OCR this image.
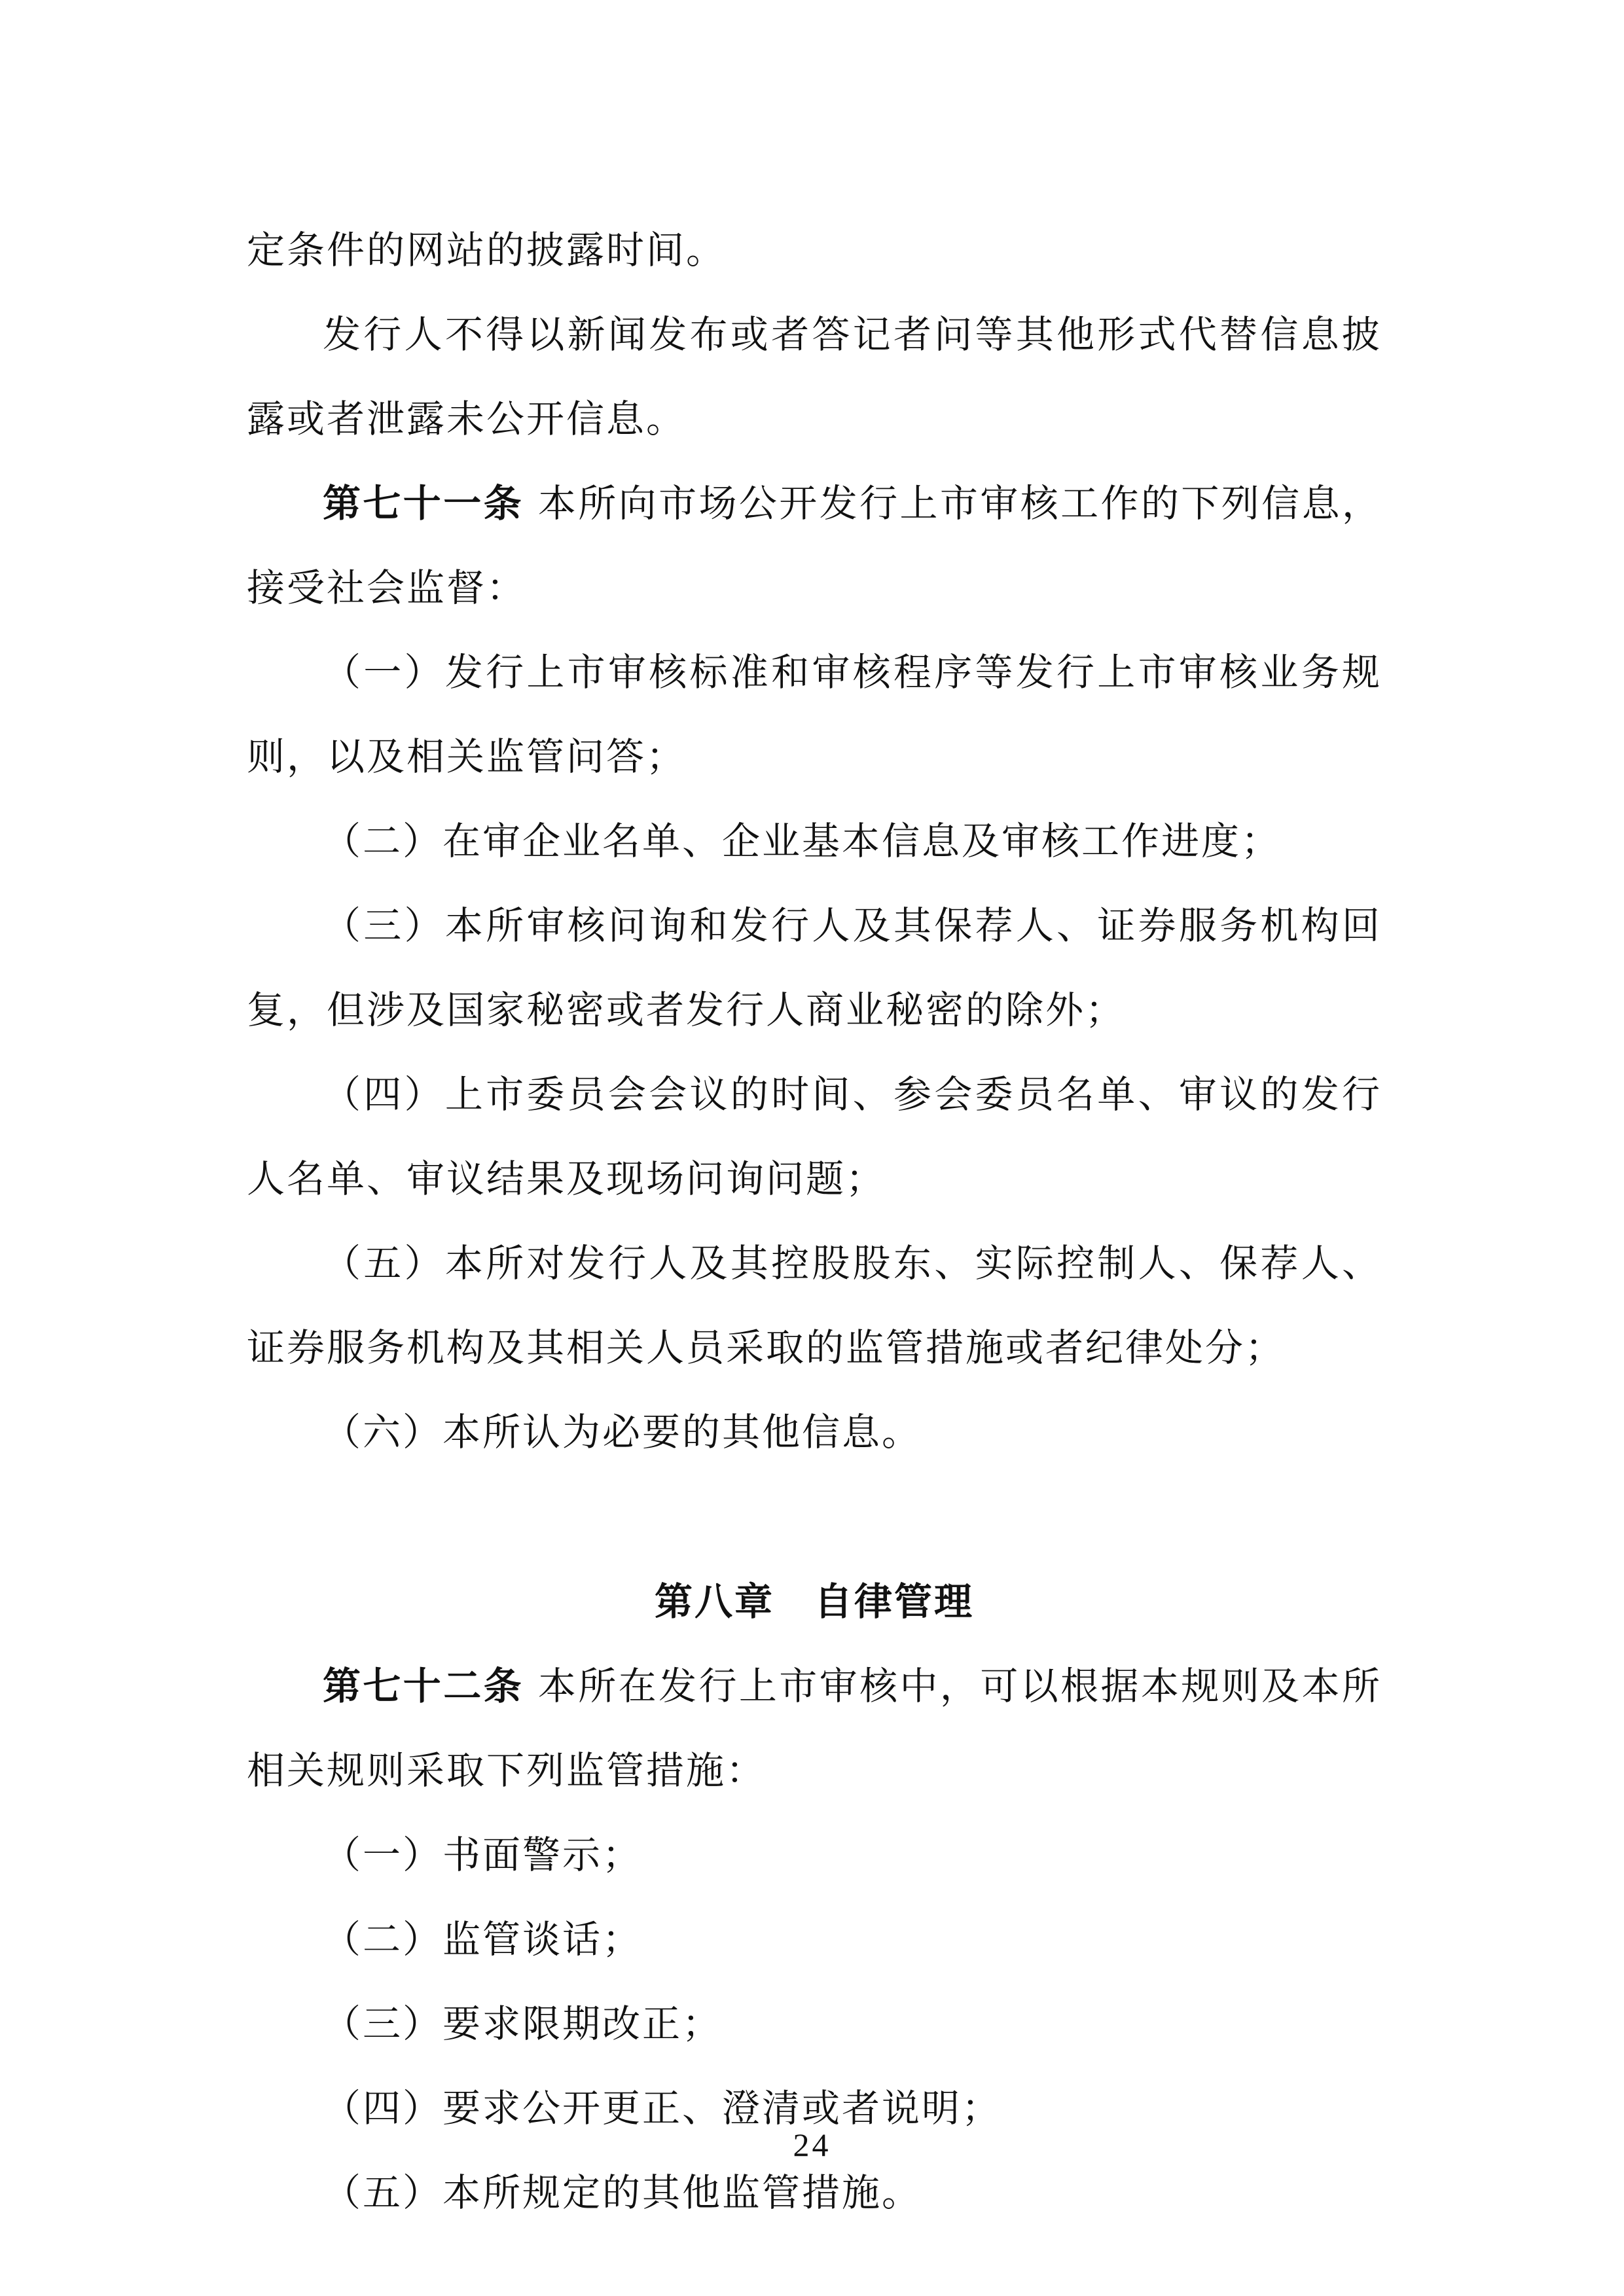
定条件的网站的披露时间。

发行人不得以新闻发布或者答记者问等其他形式代替信息披露或者泄露未公开信息。

第七十一条 本所向市场公开发行上市审核工作的下列信息，接受社会监督：

（一）发行上市审核标准和审核程序等发行上市审核业务规则，以及相关监管问答；

（二）在审企业名单、企业基本信息及审核工作进度；

（三）本所审核问询和发行人及其保荐人、证券服务机构回复，但涉及国家秘密或者发行人商业秘密的除外；

（四）上市委员会会议的时间、参会委员名单、审议的发行人名单、审议结果及现场问询问题；

（五）本所对发行人及其控股股东、实际控制人、保荐人、证券服务机构及其相关人员采取的监管措施或者纪律处分；

（六）本所认为必要的其他信息。

第八章　自律管理

第七十二条 本所在发行上市审核中，可以根据本规则及本所相关规则采取下列监管措施：

（一）书面警示；

（二）监管谈话；

（三）要求限期改正；

（四）要求公开更正、澄清或者说明；

（五）本所规定的其他监管措施。

24
